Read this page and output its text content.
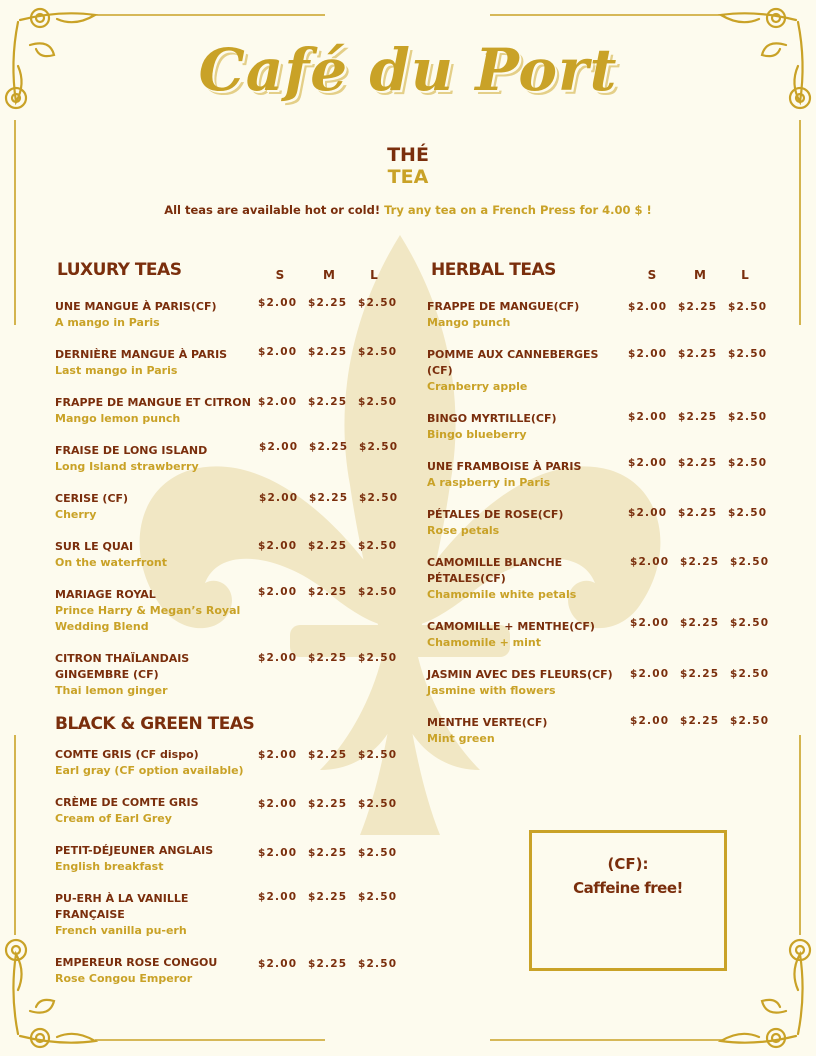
Café du Port
THÉ
TEA
All teas are available hot or cold! Try any tea on a French Press for 4.00 $ !
LUXURY TEAS	S	M	L
UNE MANGUE À PARIS(CF)
A mango in Paris
$2.00 $2.25 $2.50
DERNIÈRE MANGUE À PARIS
Last mango in Paris
$2.00 $2.25 $2.50
FRAPPE DE MANGUE ET CITRON
Mango lemon punch
$2.00 $2.25 $2.50
FRAISE DE LONG ISLAND
Long Island strawberry
$2.00 $2.25 $2.50
CERISE (CF)
Cherry
$2.00 $2.25 $2.50
SUR LE QUAI
On the waterfront
$2.00 $2.25 $2.50
MARIAGE ROYAL
Prince Harry & Megan’s Royal Wedding Blend
$2.00 $2.25 $2.50
CITRON THAÏLANDAIS GINGEMBRE (CF)
Thai lemon ginger
$2.00 $2.25 $2.50
BLACK & GREEN TEAS
COMTE GRIS (CF dispo)
Earl gray (CF option available)
$2.00 $2.25 $2.50
CRÈME DE COMTE GRIS
Cream of Earl Grey
$2.00 $2.25 $2.50
PETIT-DÉJEUNER ANGLAIS
English breakfast
$2.00 $2.25 $2.50
PU-ERH À LA VANILLE FRANÇAISE
French vanilla pu-erh
$2.00 $2.25 $2.50
EMPEREUR ROSE CONGOU
Rose Congou Emperor
$2.00 $2.25 $2.50
HERBAL TEAS	S	M	L
FRAPPE DE MANGUE(CF)
Mango punch
$2.00 $2.25 $2.50
POMME AUX CANNEBERGES (CF)
Cranberry apple
$2.00 $2.25 $2.50
BINGO MYRTILLE(CF)
Bingo blueberry
$2.00 $2.25 $2.50
UNE FRAMBOISE À PARIS
A raspberry in Paris
$2.00 $2.25 $2.50
PÉTALES DE ROSE(CF)
Rose petals
$2.00 $2.25 $2.50
CAMOMILLE BLANCHE PÉTALES(CF)
Chamomile white petals
$2.00 $2.25 $2.50
CAMOMILLE + MENTHE(CF)
Chamomile + mint
$2.00 $2.25 $2.50
JASMIN AVEC DES FLEURS(CF)
Jasmine with flowers
$2.00 $2.25 $2.50
MENTHE VERTE(CF)
Mint green
$2.00 $2.25 $2.50
(CF):
Caffeine free!
